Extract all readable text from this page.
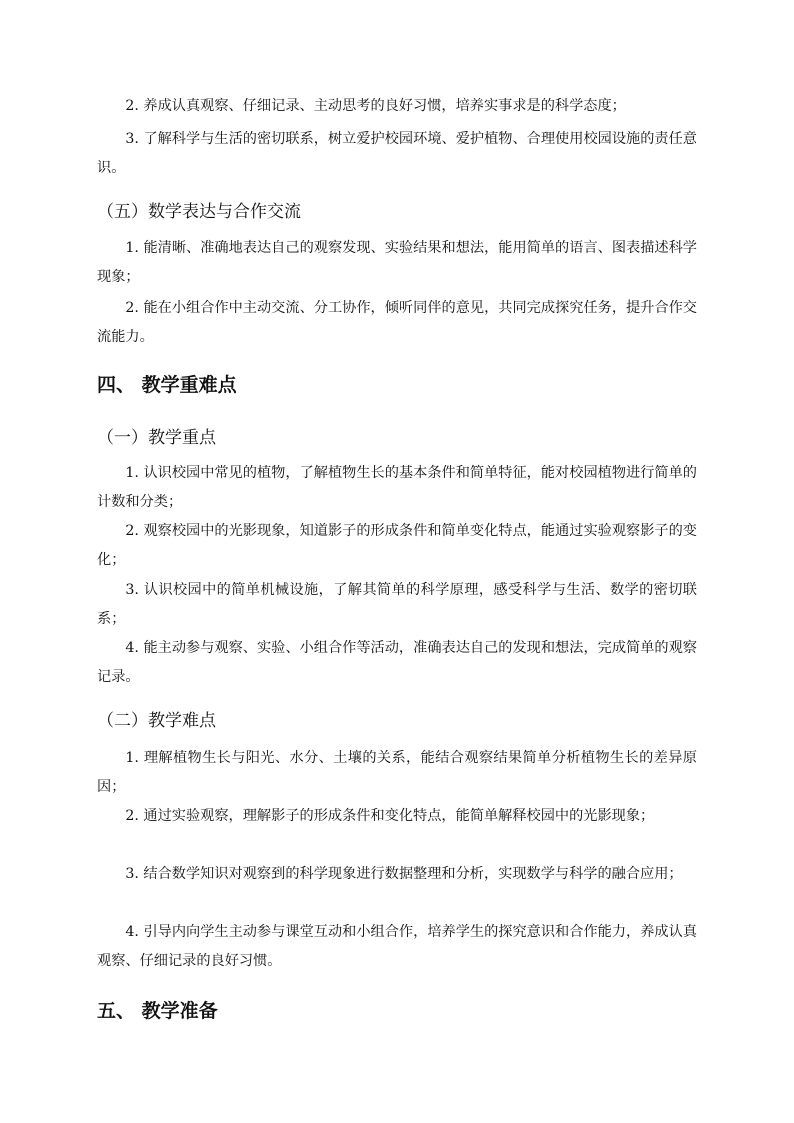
2. 养成认真观察、仔细记录、主动思考的良好习惯，培养实事求是的科学态度；

3. 了解科学与生活的密切联系，树立爱护校园环境、爱护植物、合理使用校园设施的责任意识。

（五）数学表达与合作交流

1. 能清晰、准确地表达自己的观察发现、实验结果和想法，能用简单的语言、图表描述科学现象；

2. 能在小组合作中主动交流、分工协作，倾听同伴的意见，共同完成探究任务，提升合作交流能力。

四、 教学重难点
（一）教学重点

1. 认识校园中常见的植物，了解植物生长的基本条件和简单特征，能对校园植物进行简单的计数和分类；

2. 观察校园中的光影现象，知道影子的形成条件和简单变化特点，能通过实验观察影子的变化；

3. 认识校园中的简单机械设施，了解其简单的科学原理，感受科学与生活、数学的密切联系；

4. 能主动参与观察、实验、小组合作等活动，准确表达自己的发现和想法，完成简单的观察记录。

（二）教学难点

1. 理解植物生长与阳光、水分、土壤的关系，能结合观察结果简单分析植物生长的差异原因；

2. 通过实验观察，理解影子的形成条件和变化特点，能简单解释校园中的光影现象；

3. 结合数学知识对观察到的科学现象进行数据整理和分析，实现数学与科学的融合应用；

4. 引导内向学生主动参与课堂互动和小组合作，培养学生的探究意识和合作能力，养成认真观察、仔细记录的良好习惯。

五、 教学准备
